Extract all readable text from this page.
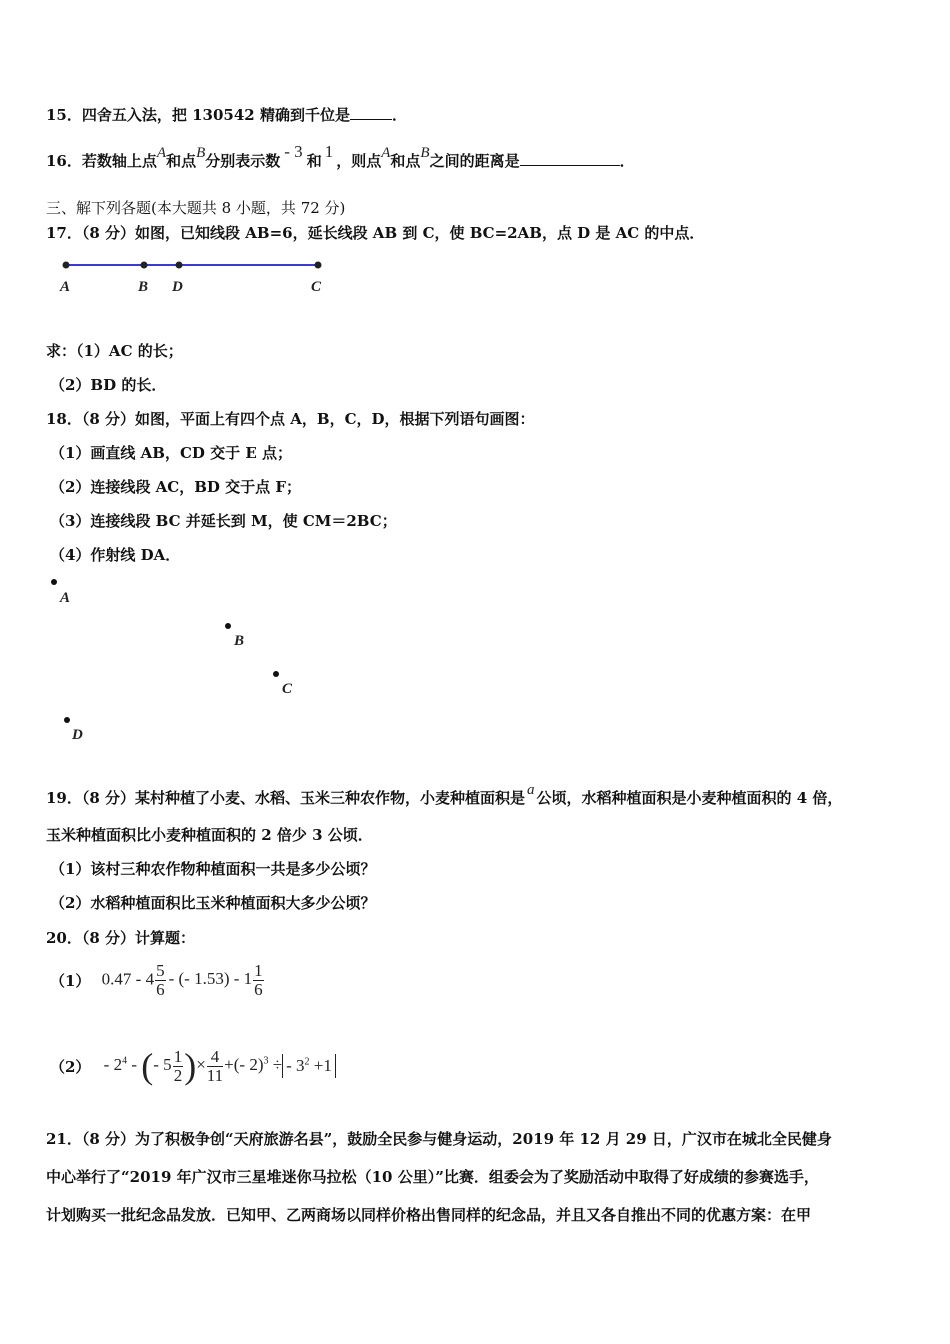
15．四舍五入法，把 130542 精确到千位是	．
16．若数轴上点A和点B分别表示数 - 3 和 1 ，则点A和点B之间的距离是	．
三、解下列各题(本大题共 8 小题，共 72 分)
17．（8 分）如图，已知线段 AB=6，延长线段 AB 到 C，使 BC=2AB，点 D 是 AC 的中点．
A	B D	C
A
B
C
D
求：（1）AC 的长；
（2）BD 的长．
18．（8 分）如图，平面上有四个点 A，B，C，D，根据下列语句画图：
（1）画直线 AB，CD 交于 E 点；
（2）连接线段 AC，BD 交于点 F；
（3）连接线段 BC 并延长到 M，使 CM＝2BC；
（4）作射线 DA．
19．（8 分）某村种植了小麦、水稻、玉米三种农作物，小麦种植面积是 a 公顷，水稻种植面积是小麦种植面积的 4 倍，
玉米种植面积比小麦种植面积的 2 倍少 3 公顷．
（1）该村三种农作物种植面积一共是多少公顷？
（2）水稻种植面积比玉米种植面积大多少公顷？
20．（8 分）计算题：
（1） $0.47 - 4 \frac{5}{6}$ - (- $1.53) - 1 \frac{1}{6}$
$(2) - 2^4$ - (- $5 \frac{1}{2}$ )× $\frac{4}{11}$ +(- 2)$^3$ ÷ - $3^2 +1$
21．（8 分）为了积极争创“天府旅游名县”，鼓励全民参与健身运动，2019 年 12 月 29 日，广汉市在城北全民健身
中心举行了“2019 年广汉市三星堆迷你马拉松（10 公里）”比赛．组委会为了奖励活动中取得了好成绩的参赛选手，
计划购买一批纪念品发放．已知甲、乙两商场以同样价格出售同样的纪念品，并且又各自推出不同的优惠方案：在甲
